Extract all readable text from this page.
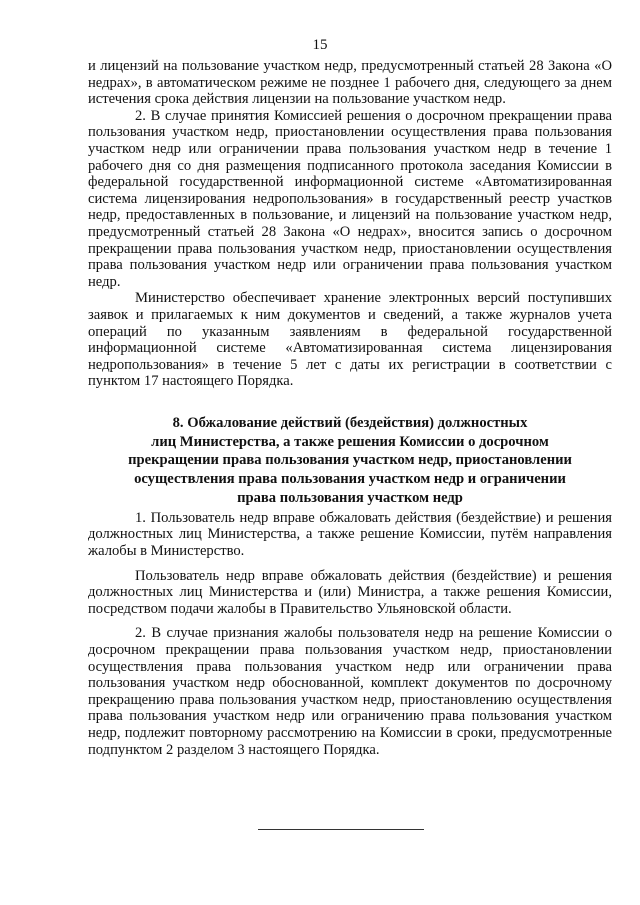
15

и лицензий на пользование участком недр, предусмотренный статьей 28 Закона «О недрах», в автоматическом режиме не позднее 1 рабочего дня, следующего за днем истечения срока действия лицензии на пользование участком недр.

2. В случае принятия Комиссией решения о досрочном прекращении права пользования участком недр, приостановлении осуществления права пользования участком недр или ограничении права пользования участком недр в течение 1 рабочего дня со дня размещения подписанного протокола заседания Комиссии в федеральной государственной информационной системе «Автоматизированная система лицензирования недропользования» в государственный реестр участков недр, предоставленных в пользование, и лицензий на пользование участком недр, предусмотренный статьей 28 Закона «О недрах», вносится запись о досрочном прекращении права пользования участком недр, приостановлении осуществления права пользования участком недр или ограничении права пользования участком недр.

Министерство обеспечивает хранение электронных версий поступивших заявок и прилагаемых к ним документов и сведений, а также журналов учета операций по указанным заявлениям в федеральной государственной информационной системе «Автоматизированная система лицензирования недропользования» в течение 5 лет с даты их регистрации в соответствии с пунктом 17 настоящего Порядка.

8. Обжалование действий (бездействия) должностных
лиц Министерства, а также решения Комиссии о досрочном
прекращении права пользования участком недр, приостановлении
осуществления права пользования участком недр и ограничении
права пользования участком недр

1. Пользователь недр вправе обжаловать действия (бездействие) и решения должностных лиц Министерства, а также решение Комиссии, путём направления жалобы в Министерство.

Пользователь недр вправе обжаловать действия (бездействие) и решения должностных лиц Министерства и (или) Министра, а также решения Комиссии, посредством подачи жалобы в Правительство Ульяновской области.

2. В случае признания жалобы пользователя недр на решение Комиссии о досрочном прекращении права пользования участком недр, приостановлении осуществления права пользования участком недр или ограничении права пользования участком недр обоснованной, комплект документов по досрочному прекращению права пользования участком недр, приостановлению осуществления права пользования участком недр или ограничению права пользования участком недр, подлежит повторному рассмотрению на Комиссии в сроки, предусмотренные подпунктом 2 разделом 3 настоящего Порядка.
